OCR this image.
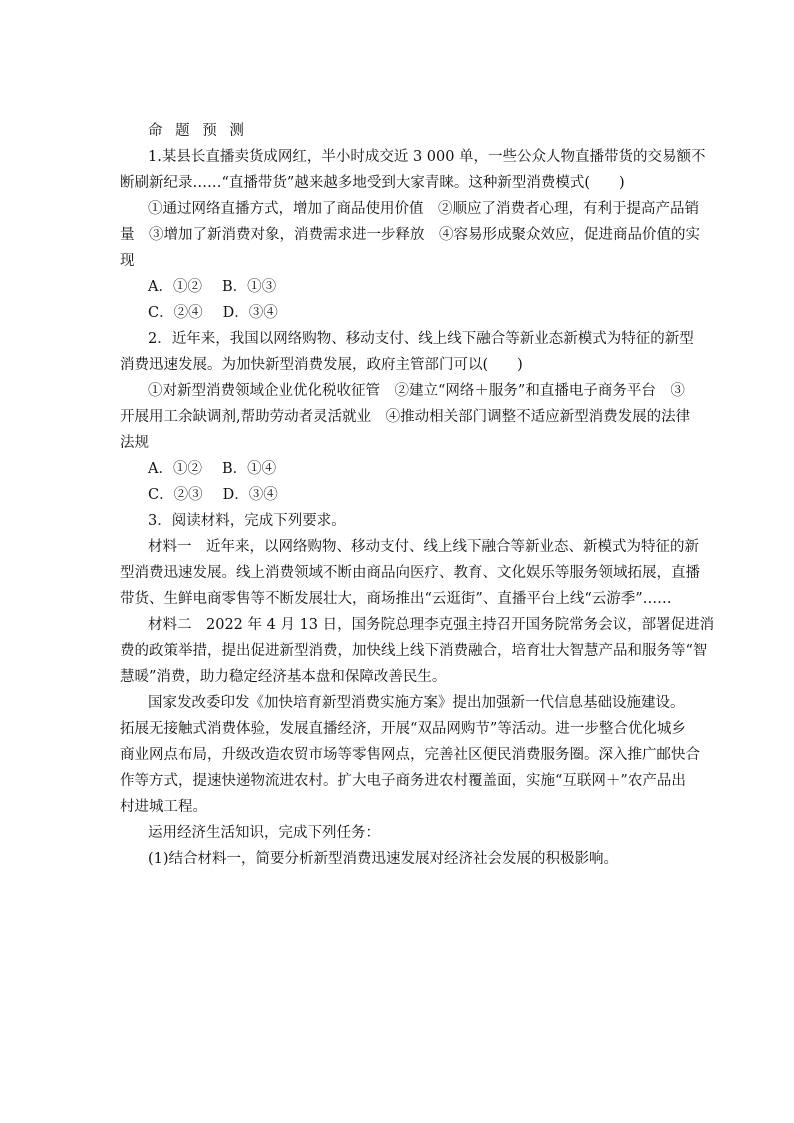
命 题 预 测

1.某县长直播卖货成网红，半小时成交近 3 000 单，一些公众人物直播带货的交易额不

断刷新纪录……“直播带货”越来越多地受到大家青睐。这种新型消费模式(　　)

①通过网络直播方式，增加了商品使用价值　②顺应了消费者心理，有利于提高产品销

量　③增加了新消费对象，消费需求进一步释放　④容易形成聚众效应，促进商品价值的实

现

A．①② B．①③

C．②④ D．③④

2．近年来，我国以网络购物、移动支付、线上线下融合等新业态新模式为特征的新型

消费迅速发展。为加快新型消费发展，政府主管部门可以(　　)

①对新型消费领域企业优化税收征管　②建立“网络＋服务”和直播电子商务平台　③

开展用工余缺调剂,帮助劳动者灵活就业　④推动相关部门调整不适应新型消费发展的法律

法规

A．①② B．①④

C．②③ D．③④

3．阅读材料，完成下列要求。

材料一　近年来，以网络购物、移动支付、线上线下融合等新业态、新模式为特征的新

型消费迅速发展。线上消费领域不断由商品向医疗、教育、文化娱乐等服务领域拓展，直播

带货、生鲜电商零售等不断发展壮大，商场推出“云逛街”、直播平台上线“云游季”……

材料二　2022 年 4 月 13 日，国务院总理李克强主持召开国务院常务会议，部署促进消

费的政策举措，提出促进新型消费，加快线上线下消费融合，培育壮大智慧产品和服务等“智

慧暖”消费，助力稳定经济基本盘和保障改善民生。

国家发改委印发《加快培育新型消费实施方案》提出加强新一代信息基础设施建设。

拓展无接触式消费体验，发展直播经济，开展“双品网购节”等活动。进一步整合优化城乡

商业网点布局，升级改造农贸市场等零售网点，完善社区便民消费服务圈。深入推广邮快合

作等方式，提速快递物流进农村。扩大电子商务进农村覆盖面，实施“互联网＋”农产品出

村进城工程。

运用经济生活知识，完成下列任务：

(1)结合材料一，简要分析新型消费迅速发展对经济社会发展的积极影响。
